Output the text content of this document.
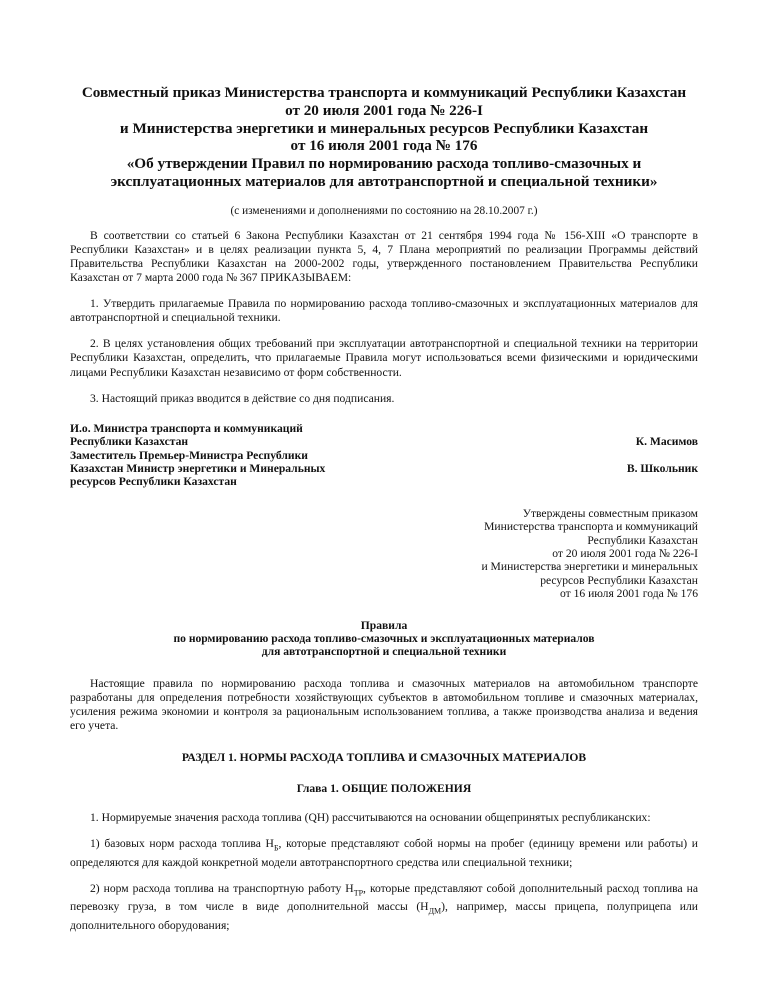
Совместный приказ Министерства транспорта и коммуникаций Республики Казахстан
от 20 июля 2001 года № 226-I
и Министерства энергетики и минеральных ресурсов Республики Казахстан
от 16 июля 2001 года № 176
«Об утверждении Правил по нормированию расхода топливо-смазочных и
эксплуатационных материалов для автотранспортной и специальной техники»
(с изменениями и дополнениями по состоянию на 28.10.2007 г.)

В соответствии со статьей 6 Закона Республики Казахстан от 21 сентября 1994 года № 156-XIII «О транспорте в Республики Казахстан» и в целях реализации пункта 5, 4, 7 Плана мероприятий по реализации Программы действий Правительства Республики Казахстан на 2000-2002 годы, утвержденного постановлением Правительства Республики Казахстан от 7 марта 2000 года № 367 ПРИКАЗЫВАЕМ:

1. Утвердить прилагаемые Правила по нормированию расхода топливо-смазочных и эксплуатационных материалов для автотранспортной и специальной техники.

2. В целях установления общих требований при эксплуатации автотранспортной и специальной техники на территории Республики Казахстан, определить, что прилагаемые Правила могут использоваться всеми физическими и юридическими лицами Республики Казахстан независимо от форм собственности.

3. Настоящий приказ вводится в действие со дня подписания.

И.о. Министра транспорта и коммуникаций
Республики Казахстан
Заместитель Премьер-Министра Республики
Казахстан Министр энергетики и Минеральных
ресурсов Республики Казахстан
К. Масимов
В. Школьник
Утверждены совместным приказом
Министерства транспорта и коммуникаций
Республики Казахстан
от 20 июля 2001 года № 226-I
и Министерства энергетики и минеральных
ресурсов Республики Казахстан
от 16 июля 2001 года № 176
Правила
по нормированию расхода топливо-смазочных и эксплуатационных материалов
для автотранспортной и специальной техники

Настоящие правила по нормированию расхода топлива и смазочных материалов на автомобильном транспорте разработаны для определения потребности хозяйствующих субъектов в автомобильном топливе и смазочных материалах, усиления режима экономии и контроля за рациональным использованием топлива, а также производства анализа и ведения его учета.

РАЗДЕЛ 1. НОРМЫ РАСХОДА ТОПЛИВА И СМАЗОЧНЫХ МАТЕРИАЛОВ
Глава 1. ОБЩИЕ ПОЛОЖЕНИЯ

1. Нормируемые значения расхода топлива (QН) рассчитываются на основании общепринятых республиканских:

1) базовых норм расхода топлива $Н_Б$, которые представляют собой нормы на пробег (единицу времени или работы) и определяются для каждой конкретной модели автотранспортного средства или специальной техники;

2) норм расхода топлива на транспортную работу $Н_{ТР}$, которые представляют собой дополнительный расход топлива на перевозку груза, в том числе в виде дополнительной массы $(Н_{ДМ})$, например, массы прицепа, полуприцепа или дополнительного оборудования;
